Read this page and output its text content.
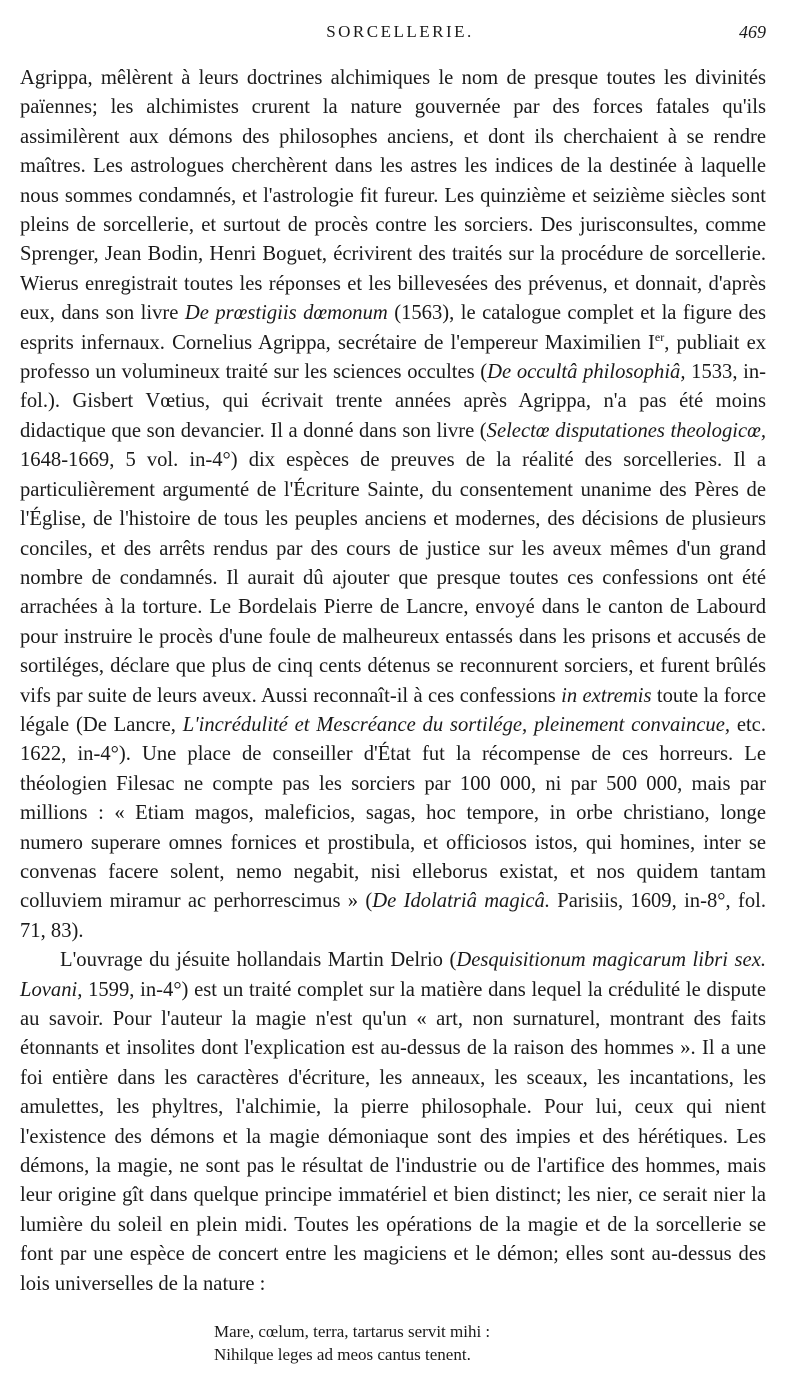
SORCELLERIE.	469

Agrippa, mêlèrent à leurs doctrines alchimiques le nom de presque toutes les divinités païennes; les alchimistes crurent la nature gouvernée par des forces fatales qu'ils assimilèrent aux démons des philosophes anciens, et dont ils cherchaient à se rendre maîtres. Les astrologues cherchèrent dans les astres les indices de la destinée à laquelle nous sommes condamnés, et l'astrologie fit fureur. Les quinzième et seizième siècles sont pleins de sorcellerie, et surtout de procès contre les sorciers. Des jurisconsultes, comme Sprenger, Jean Bodin, Henri Boguet, écrivirent des traités sur la procédure de sorcellerie. Wierus enregistrait toutes les réponses et les billevesées des prévenus, et donnait, d'après eux, dans son livre De prœstigiis dœmonum (1563), le catalogue complet et la figure des esprits infernaux. Cornelius Agrippa, secrétaire de l'empereur Maximilien Ier, publiait ex professo un volumineux traité sur les sciences occultes (De occultâ philosophiâ, 1533, in-fol.). Gisbert Vœtius, qui écrivait trente années après Agrippa, n'a pas été moins didactique que son devancier. Il a donné dans son livre (Selectœ disputationes theologicœ, 1648-1669, 5 vol. in-4°) dix espèces de preuves de la réalité des sorcelleries. Il a particulièrement argumenté de l'Écriture Sainte, du consentement unanime des Pères de l'Église, de l'histoire de tous les peuples anciens et modernes, des décisions de plusieurs conciles, et des arrêts rendus par des cours de justice sur les aveux mêmes d'un grand nombre de condamnés. Il aurait dû ajouter que presque toutes ces confessions ont été arrachées à la torture. Le Bordelais Pierre de Lancre, envoyé dans le canton de Labourd pour instruire le procès d'une foule de malheureux entassés dans les prisons et accusés de sortiléges, déclare que plus de cinq cents détenus se reconnurent sorciers, et furent brûlés vifs par suite de leurs aveux. Aussi reconnaît-il à ces confessions in extremis toute la force légale (De Lancre, L'incrédulité et Mescréance du sortilége, pleinement convaincue, etc. 1622, in-4°). Une place de conseiller d'État fut la récompense de ces horreurs. Le théologien Filesac ne compte pas les sorciers par 100 000, ni par 500 000, mais par millions : « Etiam magos, maleficios, sagas, hoc tempore, in orbe christiano, longe numero superare omnes fornices et prostibula, et officiosos istos, qui homines, inter se convenas facere solent, nemo negabit, nisi elleborus existat, et nos quidem tantam colluviem miramur ac perhorrescimus » (De Idolatriâ magicâ. Parisiis, 1609, in-8°, fol. 71, 83).

L'ouvrage du jésuite hollandais Martin Delrio (Desquisitionum magicarum libri sex. Lovani, 1599, in-4°) est un traité complet sur la matière dans lequel la crédulité le dispute au savoir. Pour l'auteur la magie n'est qu'un « art, non surnaturel, montrant des faits étonnants et insolites dont l'explication est au-dessus de la raison des hommes ». Il a une foi entière dans les caractères d'écriture, les anneaux, les sceaux, les incantations, les amulettes, les phyltres, l'alchimie, la pierre philosophale. Pour lui, ceux qui nient l'existence des démons et la magie démoniaque sont des impies et des hérétiques. Les démons, la magie, ne sont pas le résultat de l'industrie ou de l'artifice des hommes, mais leur origine gît dans quelque principe immatériel et bien distinct; les nier, ce serait nier la lumière du soleil en plein midi. Toutes les opérations de la magie et de la sorcellerie se font par une espèce de concert entre les magiciens et le démon; elles sont au-dessus des lois universelles de la nature :

Mare, cœlum, terra, tartarus servit mihi :
Nihilque leges ad meos cantus tenent.
